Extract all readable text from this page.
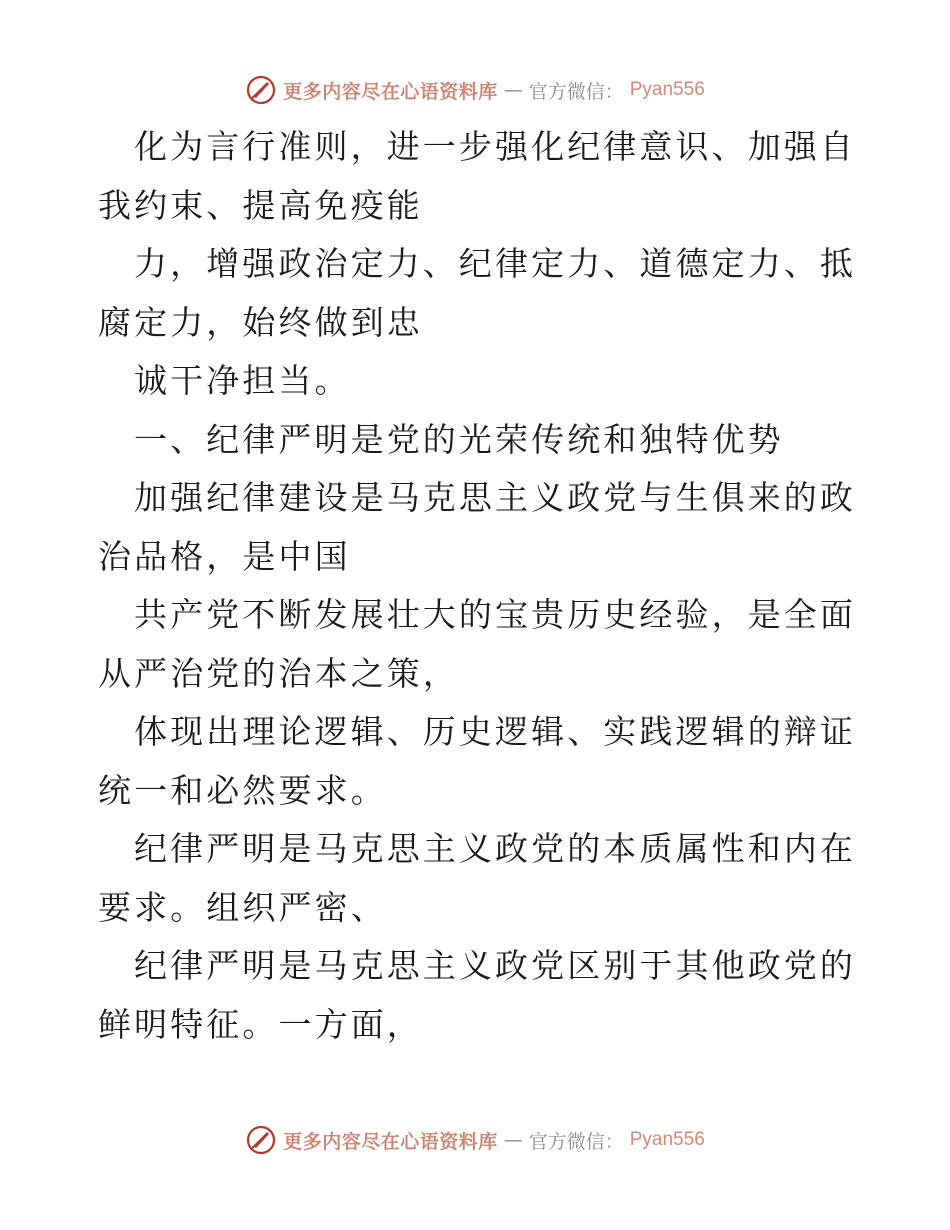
更多内容尽在心语资料库 — 官方微信： Pyan556

化为言行准则，进一步强化纪律意识、加强自我约束、提高免疫能

力，增强政治定力、纪律定力、道德定力、抵腐定力，始终做到忠

诚干净担当。

一、纪律严明是党的光荣传统和独特优势

加强纪律建设是马克思主义政党与生俱来的政治品格，是中国

共产党不断发展壮大的宝贵历史经验，是全面从严治党的治本之策，

体现出理论逻辑、历史逻辑、实践逻辑的辩证统一和必然要求。

纪律严明是马克思主义政党的本质属性和内在要求。组织严密、

纪律严明是马克思主义政党区别于其他政党的鲜明特征。一方面，

更多内容尽在心语资料库 — 官方微信： Pyan556
